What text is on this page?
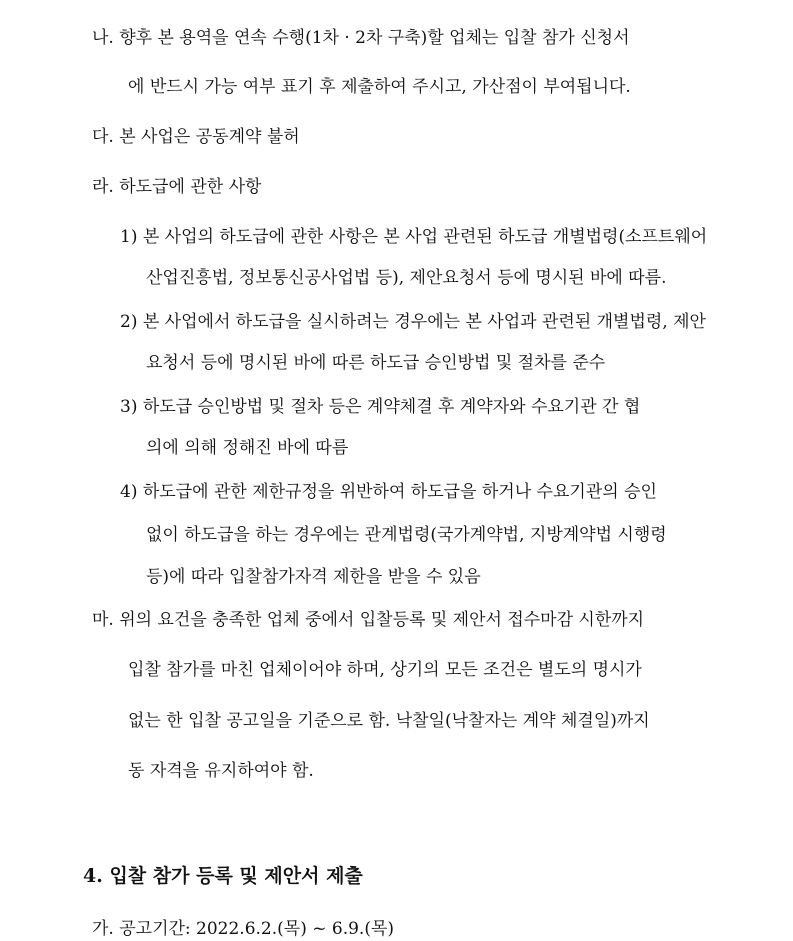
나. 향후 본 용역을 연속 수행(1차 · 2차 구축)할 업체는 입찰 참가 신청서
에 반드시 가능 여부 표기 후 제출하여 주시고, 가산점이 부여됩니다.
다. 본 사업은 공동계약 불허
라. 하도급에 관한 사항
1) 본 사업의 하도급에 관한 사항은 본 사업 관련된 하도급 개별법령(소프트웨어
산업진흥법, 정보통신공사업법 등), 제안요청서 등에 명시된 바에 따름.
2) 본 사업에서 하도급을 실시하려는 경우에는 본 사업과 관련된 개별법령, 제안
요청서 등에 명시된 바에 따른 하도급 승인방법 및 절차를 준수
3) 하도급 승인방법 및 절차 등은 계약체결 후 계약자와 수요기관 간 협
의에 의해 정해진 바에 따름
4) 하도급에 관한 제한규정을 위반하여 하도급을 하거나 수요기관의 승인
없이 하도급을 하는 경우에는 관계법령(국가계약법, 지방계약법 시행령
등)에 따라 입찰참가자격 제한을 받을 수 있음
마. 위의 요건을 충족한 업체 중에서 입찰등록 및 제안서 접수마감 시한까지
입찰 참가를 마친 업체이어야 하며, 상기의 모든 조건은 별도의 명시가
없는 한 입찰 공고일을 기준으로 함. 낙찰일(낙찰자는 계약 체결일)까지
동 자격을 유지하여야 함.
4. 입찰 참가 등록 및 제안서 제출
가. 공고기간: 2022.6.2.(목) ~ 6.9.(목)
